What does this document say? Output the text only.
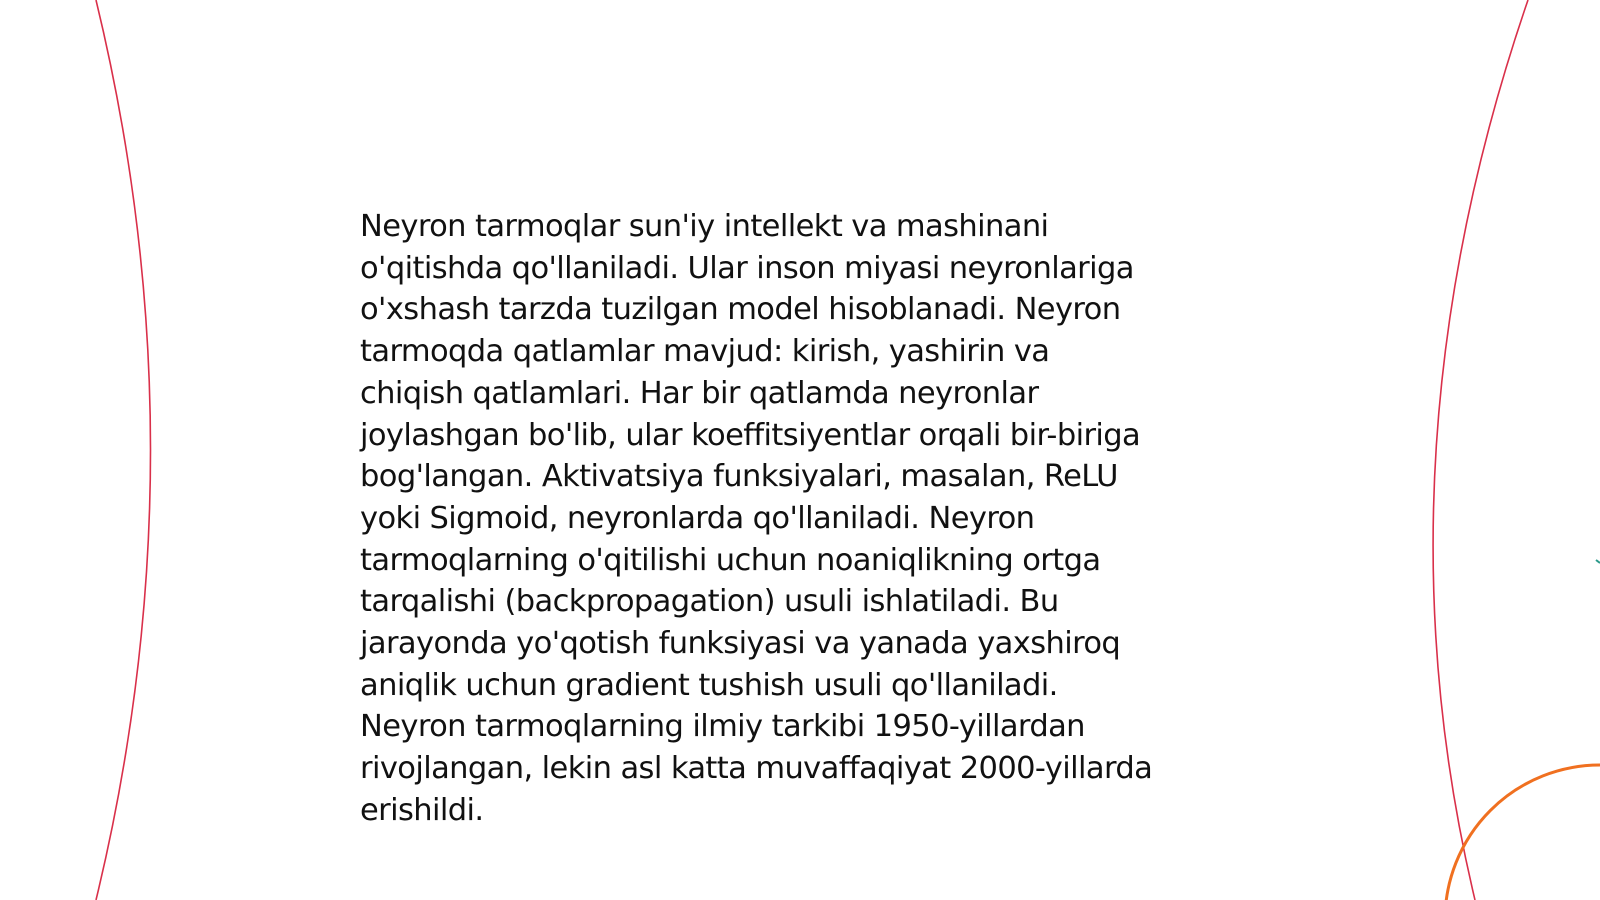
Neyron tarmoqlar sun'iy intellekt va mashinani
o'qitishda qo'llaniladi. Ular inson miyasi neyronlariga
o'xshash tarzda tuzilgan model hisoblanadi. Neyron
tarmoqda qatlamlar mavjud: kirish, yashirin va
chiqish qatlamlari. Har bir qatlamda neyronlar
joylashgan bo'lib, ular koeffitsiyentlar orqali bir-biriga
bog'langan. Aktivatsiya funksiyalari, masalan, ReLU
yoki Sigmoid, neyronlarda qo'llaniladi. Neyron
tarmoqlarning o'qitilishi uchun noaniqlikning ortga
tarqalishi (backpropagation) usuli ishlatiladi. Bu
jarayonda yo'qotish funksiyasi va yanada yaxshiroq
aniqlik uchun gradient tushish usuli qo'llaniladi.
Neyron tarmoqlarning ilmiy tarkibi 1950-yillardan
rivojlangan, lekin asl katta muvaffaqiyat 2000-yillarda
erishildi.
